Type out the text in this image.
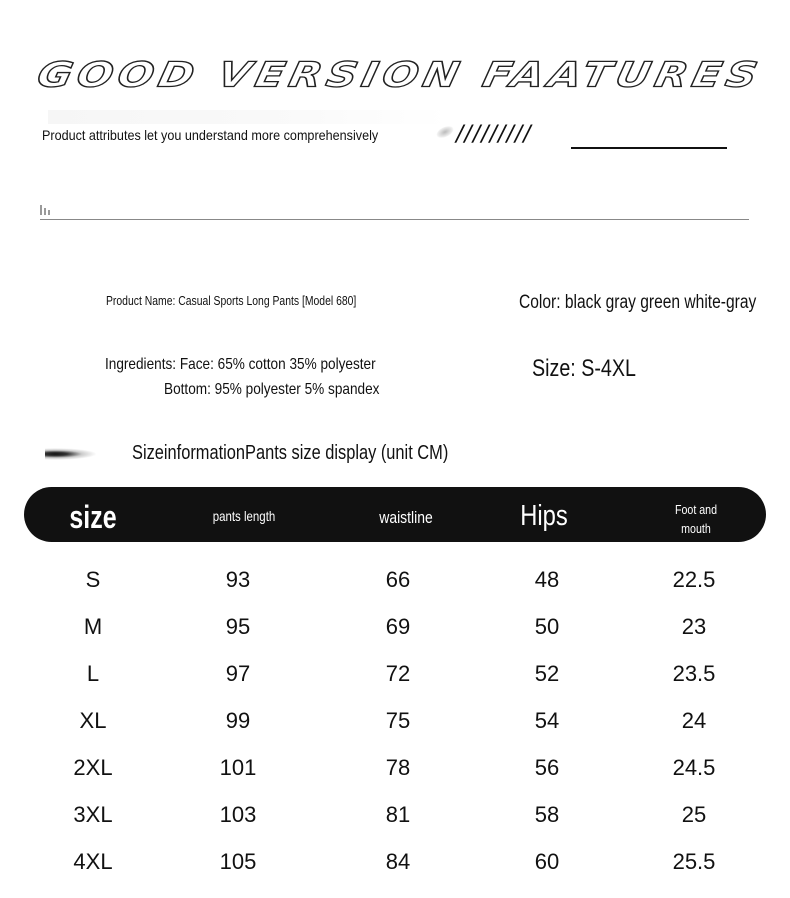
GOOD VERSION FAATURES
Product attributes let you understand more comprehensively	/////////
Product Name: Casual Sports Long Pants [Model 680]	Color: black gray green white-gray
Ingredients: Face: 65% cotton 35% polyester
Bottom: 95% polyester 5% spandex
Size: S-4XL
SizeinformationPants size display (unit CM)
size	pants length	waistline	Hips	Foot and
mouth
S	93	66	48	22.5
M	95	69	50	23
L	97	72	52	23.5
XL	99	75	54	24
2XL	101	78	56	24.5
3XL	103	81	58	25
4XL	105	84	60	25.5
